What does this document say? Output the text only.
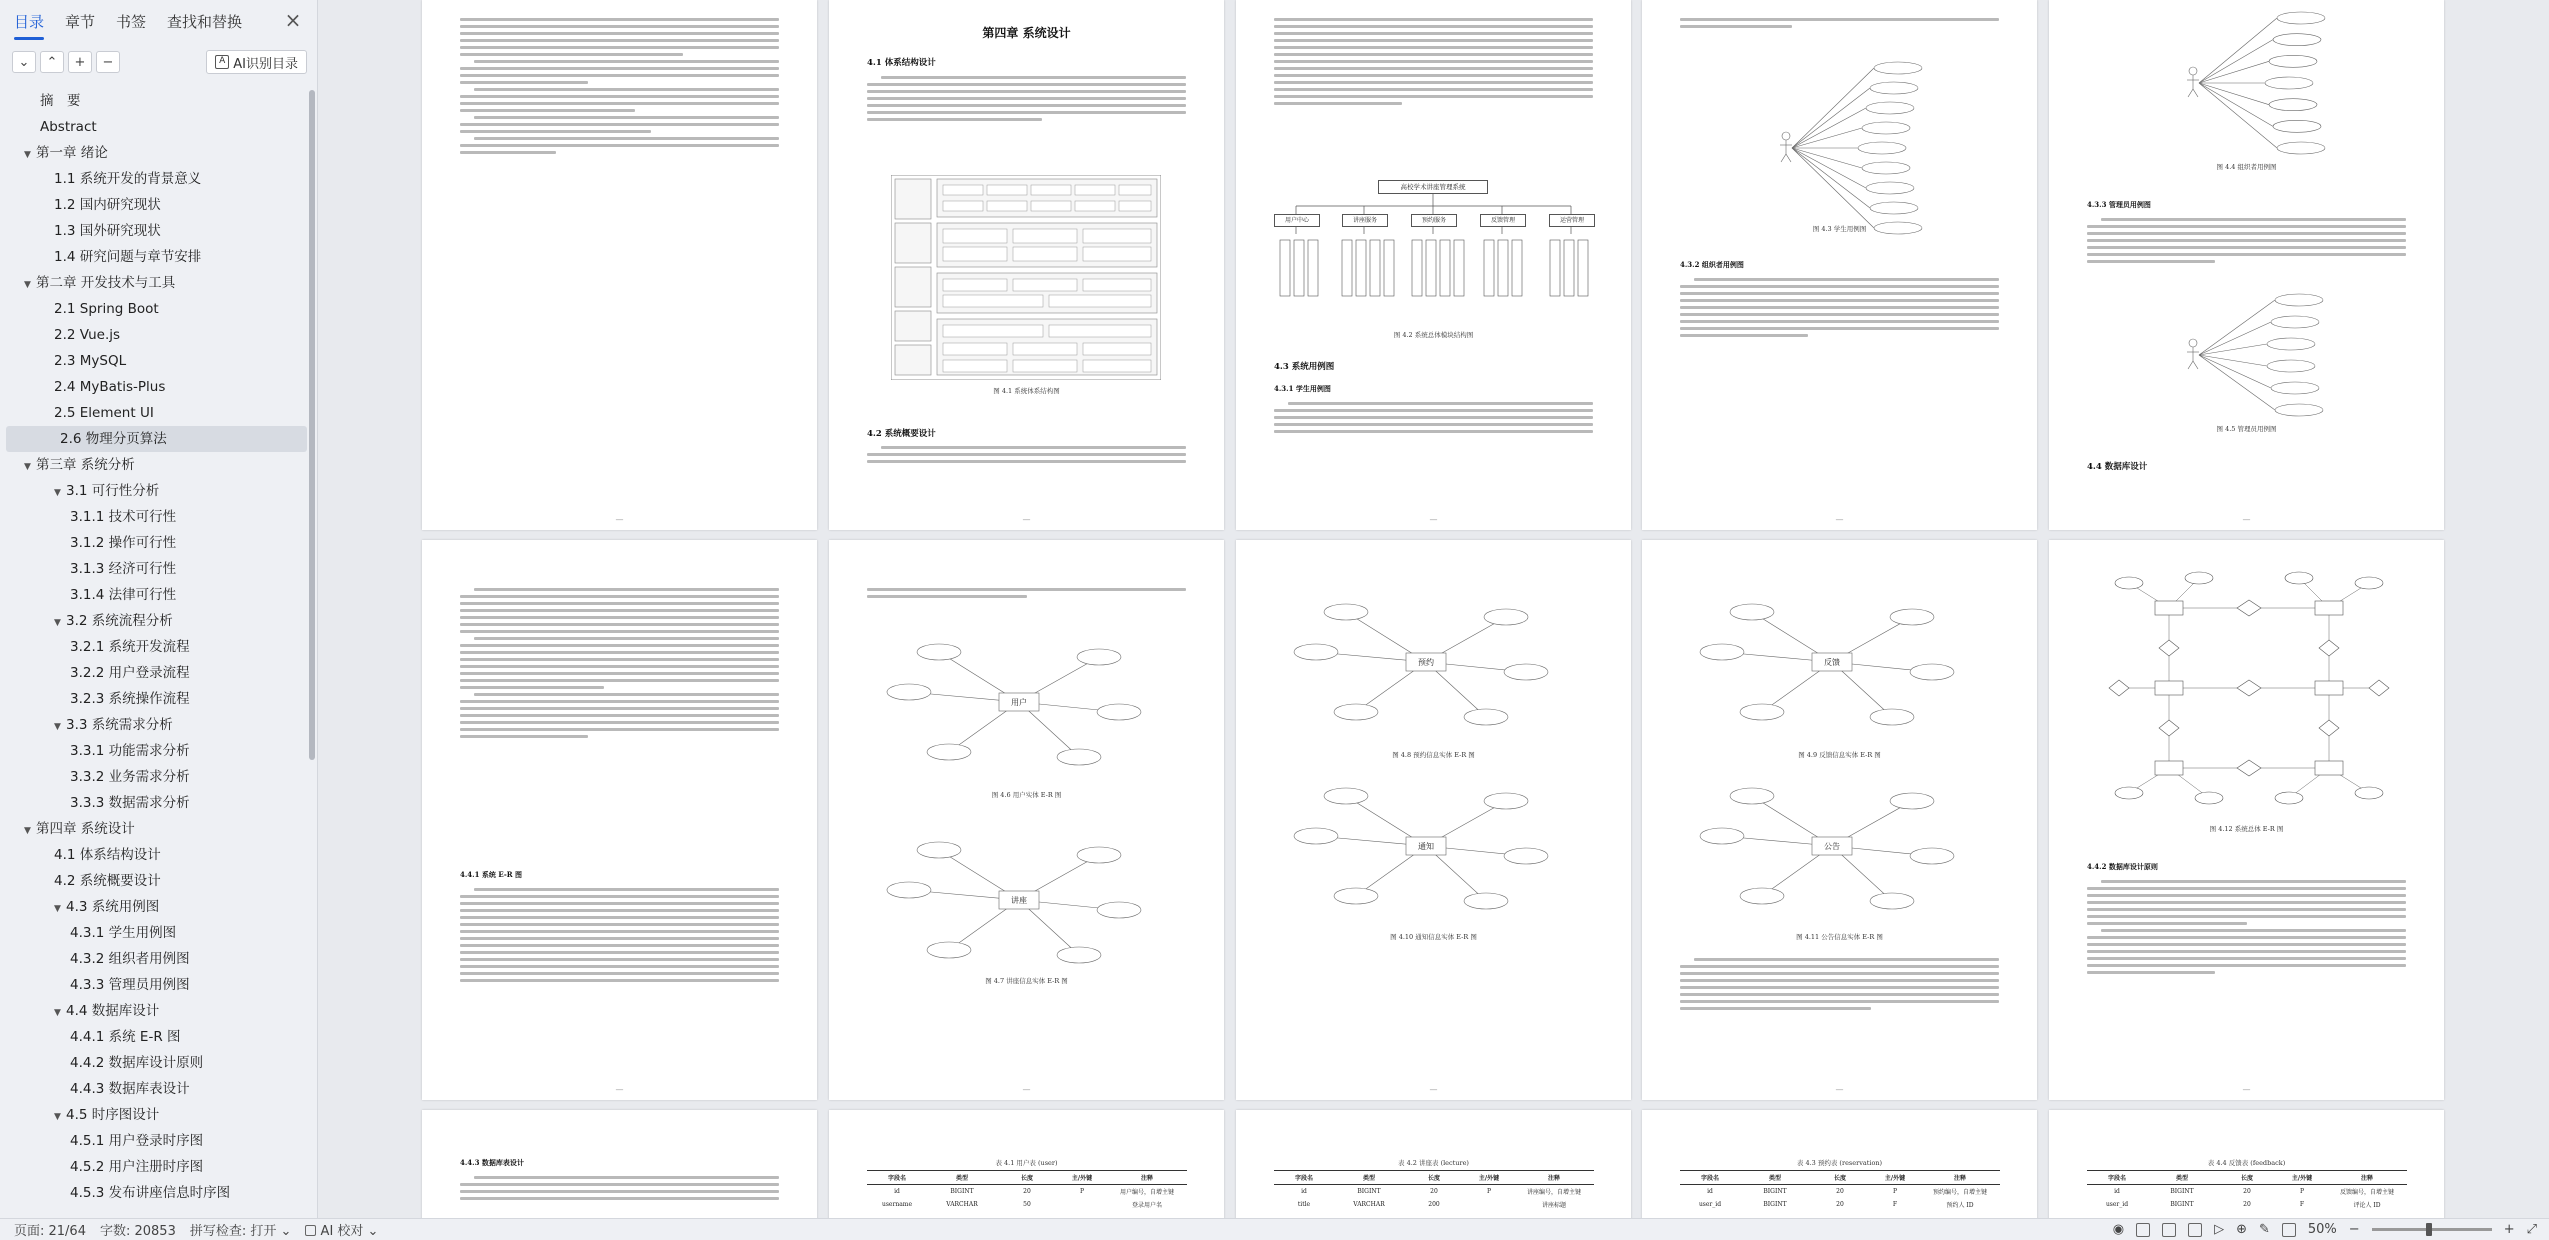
目录	章节	书签	查找和替换	×
⌄	⌃	+	−	A AI识别目录
摘　要
Abstract
▼ 第一章 绪论
1.1 系统开发的背景意义
1.2 国内研究现状
1.3 国外研究现状
1.4 研究问题与章节安排
▼ 第二章 开发技术与工具
2.1 Spring Boot
2.2 Vue.js
2.3 MySQL
2.4 MyBatis-Plus
2.5 Element UI
2.6 物理分页算法
▼ 第三章 系统分析
▼ 3.1 可行性分析
3.1.1 技术可行性
3.1.2 操作可行性
3.1.3 经济可行性
3.1.4 法律可行性
▼ 3.2 系统流程分析
3.2.1 系统开发流程
3.2.2 用户登录流程
3.2.3 系统操作流程
▼ 3.3 系统需求分析
3.3.1 功能需求分析
3.3.2 业务需求分析
3.3.3 数据需求分析
▼ 第四章 系统设计
4.1 体系结构设计
4.2 系统概要设计
▼ 4.3 系统用例图
4.3.1 学生用例图
4.3.2 组织者用例图
4.3.3 管理员用例图
▼ 4.4 数据库设计
4.4.1 系统 E-R 图
4.4.2 数据库设计原则
4.4.3 数据库表设计
▼ 4.5 时序图设计
4.5.1 用户登录时序图
4.5.2 用户注册时序图
4.5.3 发布讲座信息时序图
—
第四章 系统设计
4.1 体系结构设计
图 4.1 系统体系结构图
4.2 系统概要设计
—
高校学术讲座管理系统
用户中心	讲座服务	预约服务	反馈管理	运营管理
图 4.2 系统总体模块结构图
4.3 系统用例图
4.3.1 学生用例图
—
图 4.3 学生用例图
4.3.2 组织者用例图
—
图 4.4 组织者用例图
4.3.3 管理员用例图
图 4.5 管理员用例图
4.4 数据库设计
—
4.4.1 系统 E-R 图
—
用户
图 4.6 用户实体 E-R 图
讲座
图 4.7 讲座信息实体 E-R 图
—
预约
图 4.8 预约信息实体 E-R 图
通知
图 4.10 通知信息实体 E-R 图
—
反馈
图 4.9 反馈信息实体 E-R 图
公告
图 4.11 公告信息实体 E-R 图
—
图 4.12 系统总体 E-R 图
4.4.2 数据库设计原则
—
4.4.3 数据库表设计	表 4.1 用户表 (user)
字段名	类型	长度	主/外键	注释
id	BIGINT	20	P	用户编号，自增主键
username	VARCHAR	50		登录用户名
表 4.2 讲座表 (lecture)
字段名	类型	长度	主/外键	注释
id	BIGINT	20	P	讲座编号，自增主键
title	VARCHAR	200		讲座标题
表 4.3 预约表 (reservation)
字段名	类型	长度	主/外键	注释
id	BIGINT	20	P	预约编号，自增主键
user_id	BIGINT	20	F	预约人 ID
表 4.4 反馈表 (feedback)
字段名	类型	长度	主/外键	注释
id	BIGINT	20	P	反馈编号，自增主键
user_id	BIGINT	20	F	评论人 ID
页面: 21/64 字数: 20853 拼写检查: 打开 ⌄	AI 校对 ⌄	◉	▷ ⊕ ✎	50% −	+ ⤢
